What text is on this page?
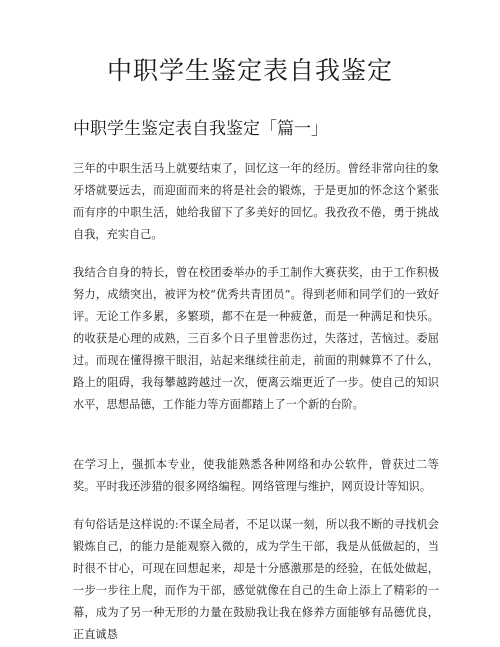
中职学生鉴定表自我鉴定
中职学生鉴定表自我鉴定「篇一」

三年的中职生活马上就要结束了，回忆这一年的经历。曾经非常向往的象牙塔就要远去，而迎面而来的将是社会的锻炼，于是更加的怀念这个紧张而有序的中职生活，她给我留下了多美好的回忆。我孜孜不倦，勇于挑战自我，充实自己。

我结合自身的特长，曾在校团委举办的手工制作大赛获奖，由于工作积极努力，成绩突出，被评为校“优秀共青团员”。得到老师和同学们的一致好评。无论工作多累，多繁琐，都不在是一种疲惫，而是一种满足和快乐。的收获是心理的成熟，三百多个日子里曾悲伤过，失落过，苦恼过。委屈过。而现在懂得擦干眼泪，站起来继续往前走，前面的荆棘算不了什么，路上的阻碍，我每攀越跨越过一次，便离云端更近了一步。使自己的知识水平，思想品德，工作能力等方面都踏上了一个新的台阶。

在学习上，强抓本专业，使我能熟悉各种网络和办公软件，曾获过二等奖。平时我还涉猎的很多网络编程。网络管理与维护，网页设计等知识。

有句俗话是这样说的:不谋全局者，不足以谋一刻，所以我不断的寻找机会锻炼自己，的能力是能观察入微的，成为学生干部，我是从低做起的，当时很不甘心，可现在回想起来，却是十分感激那是的经验，在低处做起，一步一步往上爬，而作为干部，感觉就像在自己的生命上添上了精彩的一幕，成为了另一种无形的力量在鼓励我让我在修养方面能够有品德优良，正直诚恳
